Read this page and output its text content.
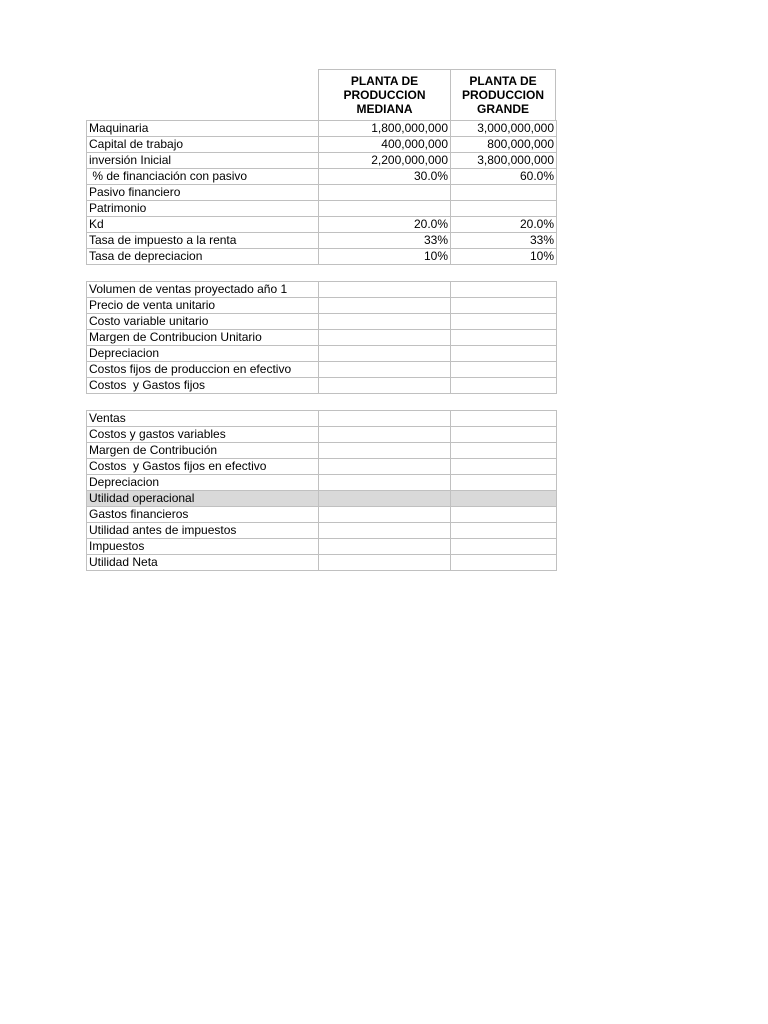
PLANTA DE
PRODUCCION
MEDIANA
PLANTA DE
PRODUCCION
GRANDE
Maquinaria	1,800,000,000	3,000,000,000
Capital de trabajo	400,000,000	800,000,000
inversión Inicial	2,200,000,000	3,800,000,000
% de financiación con pasivo	30.0%	60.0%
Pasivo financiero		
Patrimonio		
Kd	20.0%	20.0%
Tasa de impuesto a la renta	33%	33%
Tasa de depreciacion	10%	10%
Volumen de ventas proyectado año 1		
Precio de venta unitario		
Costo variable unitario		
Margen de Contribucion Unitario		
Depreciacion		
Costos fijos de produccion en efectivo		
Costos  y Gastos fijos		
Ventas		
Costos y gastos variables		
Margen de Contribución		
Costos  y Gastos fijos en efectivo		
Depreciacion		
Utilidad operacional		
Gastos financieros		
Utilidad antes de impuestos		
Impuestos		
Utilidad Neta		
